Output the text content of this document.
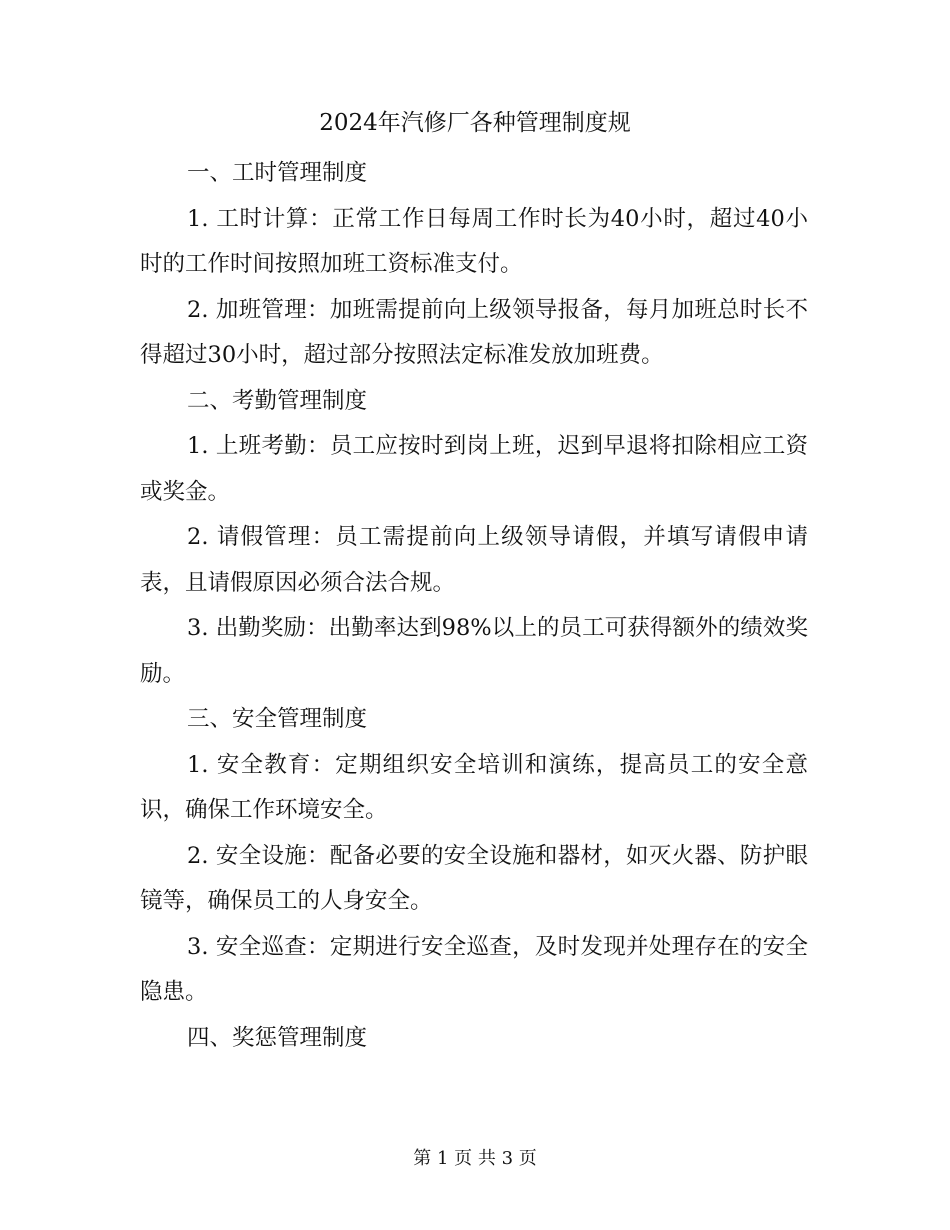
2024年汽修厂各种管理制度规

一、工时管理制度

1. 工时计算：正常工作日每周工作时长为40小时，超过40小时的工作时间按照加班工资标准支付。

2. 加班管理：加班需提前向上级领导报备，每月加班总时长不得超过30小时，超过部分按照法定标准发放加班费。

二、考勤管理制度

1. 上班考勤：员工应按时到岗上班，迟到早退将扣除相应工资或奖金。

2. 请假管理：员工需提前向上级领导请假，并填写请假申请表，且请假原因必须合法合规。

3. 出勤奖励：出勤率达到98%以上的员工可获得额外的绩效奖励。

三、安全管理制度

1. 安全教育：定期组织安全培训和演练，提高员工的安全意识，确保工作环境安全。

2. 安全设施：配备必要的安全设施和器材，如灭火器、防护眼镜等，确保员工的人身安全。

3. 安全巡查：定期进行安全巡查，及时发现并处理存在的安全隐患。

四、奖惩管理制度

第 1 页 共 3 页
